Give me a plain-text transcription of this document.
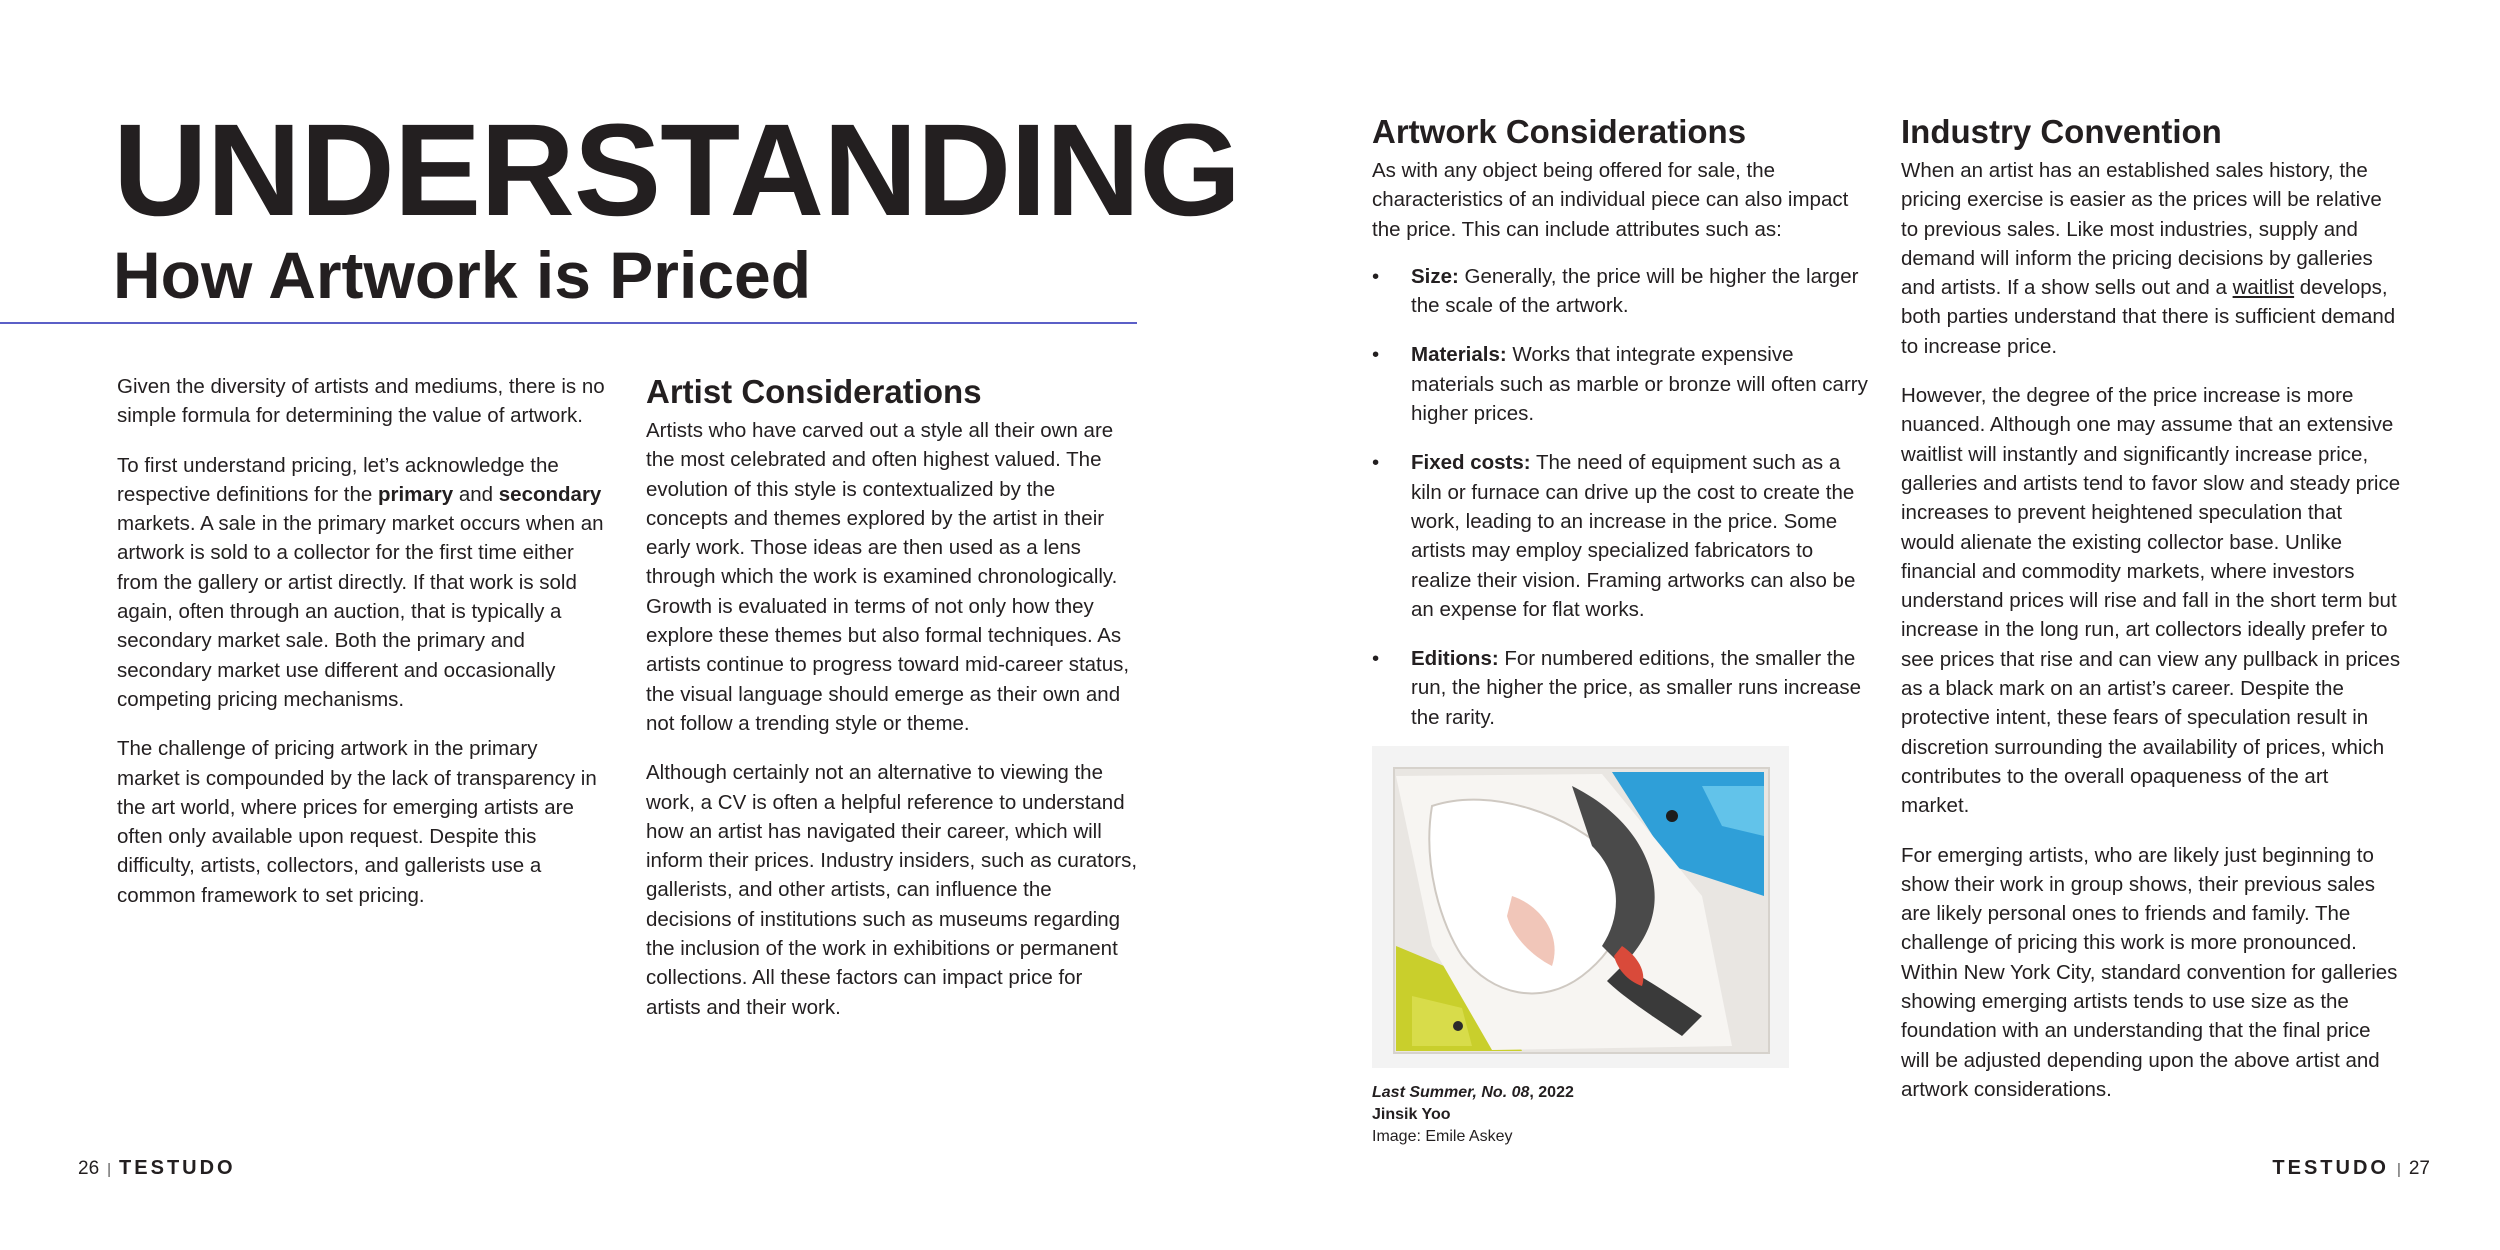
UNDERSTANDING
How Artwork is Priced

Given the diversity of artists and mediums, there is no simple formula for determining the value of artwork.

To first understand pricing, let’s acknowledge the respective definitions for the primary and secondary markets. A sale in the primary market occurs when an artwork is sold to a collector for the first time either from the gallery or artist directly. If that work is sold again, often through an auction, that is typically a secondary market sale. Both the primary and secondary market use different and occasionally competing pricing mechanisms.

The challenge of pricing artwork in the primary market is compounded by the lack of transparency in the art world, where prices for emerging artists are often only available upon request. Despite this difficulty, artists, collectors, and gallerists use a common framework to set pricing.

Artist Considerations

Artists who have carved out a style all their own are the most celebrated and often highest valued. The evolution of this style is contextualized by the concepts and themes explored by the artist in their early work. Those ideas are then used as a lens through which the work is examined chronologically. Growth is evaluated in terms of not only how they explore these themes but also formal techniques. As artists continue to progress toward mid-career status, the visual language should emerge as their own and not follow a trending style or theme.

Although certainly not an alternative to viewing the work, a CV is often a helpful reference to understand how an artist has navigated their career, which will inform their prices. Industry insiders, such as curators, gallerists, and other artists, can influence the decisions of institutions such as museums regarding the inclusion of the work in exhibitions or permanent collections. All these factors can impact price for artists and their work.

26 | TESTUDO
Artwork Considerations

As with any object being offered for sale, the characteristics of an individual piece can also impact the price. This can include attributes such as:

• Size: Generally, the price will be higher the larger the scale of the artwork.
• Materials: Works that integrate expensive materials such as marble or bronze will often carry higher prices.
• Fixed costs: The need of equipment such as a kiln or furnace can drive up the cost to create the work, leading to an increase in the price. Some artists may employ specialized fabricators to realize their vision. Framing artworks can also be an expense for flat works.
• Editions: For numbered editions, the smaller the run, the higher the price, as smaller runs increase the rarity.
Last Summer, No. 08, 2022
Jinsik Yoo
Image: Emile Askey
Industry Convention

When an artist has an established sales history, the pricing exercise is easier as the prices will be relative to previous sales. Like most industries, supply and demand will inform the pricing decisions by galleries and artists. If a show sells out and a waitlist develops, both parties understand that there is sufficient demand to increase price.

However, the degree of the price increase is more nuanced. Although one may assume that an extensive waitlist will instantly and significantly increase price, galleries and artists tend to favor slow and steady price increases to prevent heightened speculation that would alienate the existing collector base. Unlike financial and commodity markets, where investors understand prices will rise and fall in the short term but increase in the long run, art collectors ideally prefer to see prices that rise and can view any pullback in prices as a black mark on an artist’s career. Despite the protective intent, these fears of speculation result in discretion surrounding the availability of prices, which contributes to the overall opaqueness of the art market.

For emerging artists, who are likely just beginning to show their work in group shows, their previous sales are likely personal ones to friends and family. The challenge of pricing this work is more pronounced. Within New York City, standard convention for galleries showing emerging artists tends to use size as the foundation with an understanding that the final price will be adjusted depending upon the above artist and artwork considerations.

TESTUDO | 27
